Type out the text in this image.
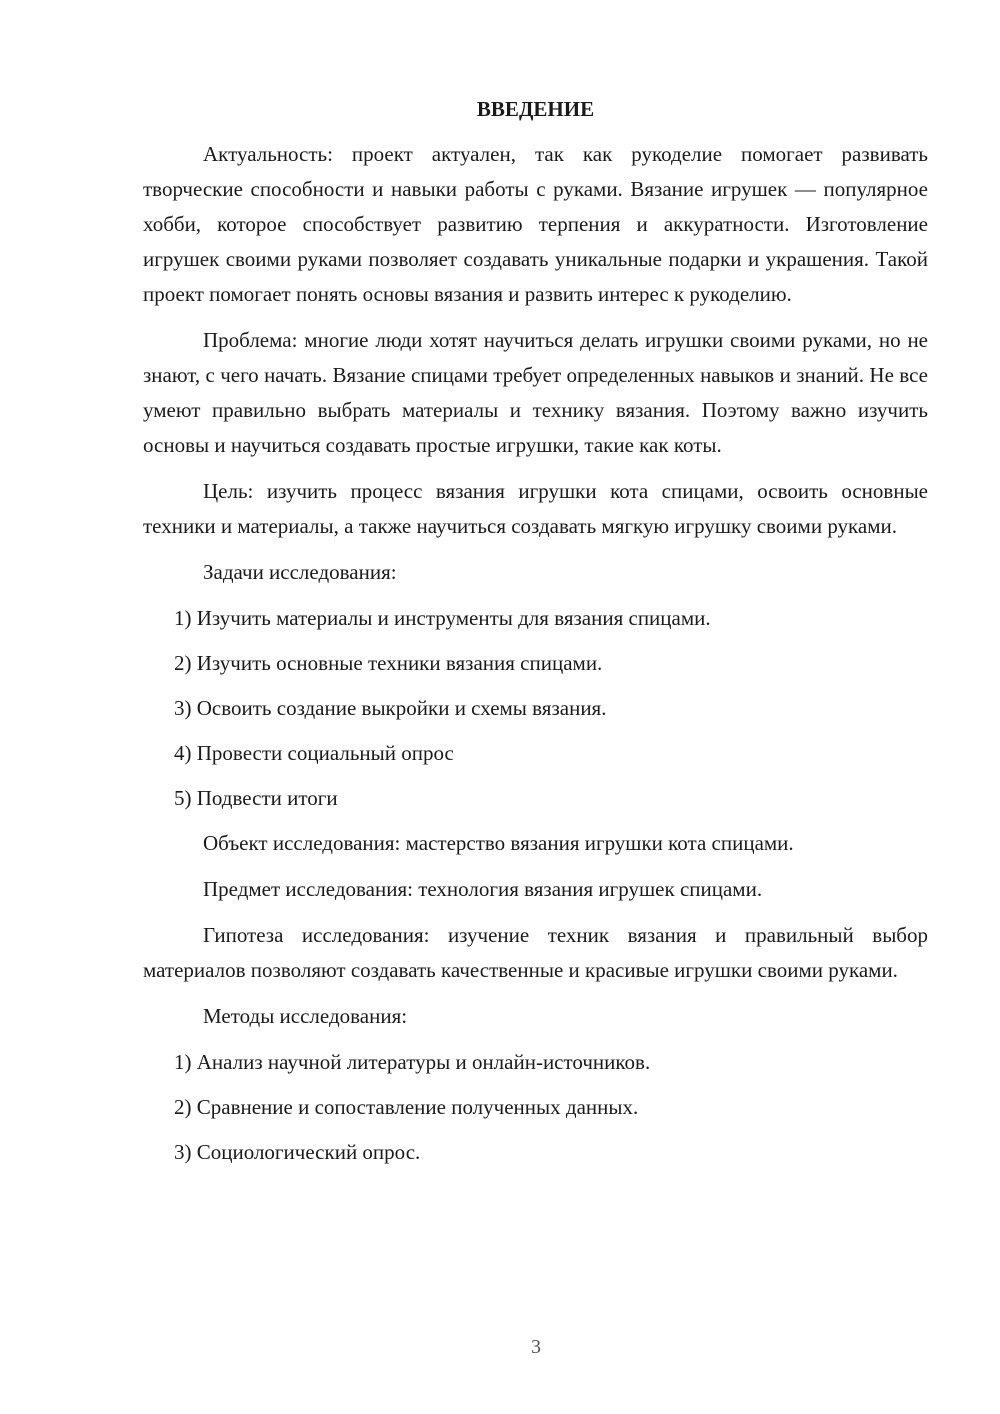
ВВЕДЕНИЕ

Актуальность: проект актуален, так как рукоделие помогает развивать творческие способности и навыки работы с руками. Вязание игрушек — популярное хобби, которое способствует развитию терпения и аккуратности. Изготовление игрушек своими руками позволяет создавать уникальные подарки и украшения. Такой проект помогает понять основы вязания и развить интерес к рукоделию.

Проблема: многие люди хотят научиться делать игрушки своими руками, но не знают, с чего начать. Вязание спицами требует определенных навыков и знаний. Не все умеют правильно выбрать материалы и технику вязания. Поэтому важно изучить основы и научиться создавать простые игрушки, такие как коты.

Цель: изучить процесс вязания игрушки кота спицами, освоить основные техники и материалы, а также научиться создавать мягкую игрушку своими руками.

Задачи исследования:
1) Изучить материалы и инструменты для вязания спицами.
2) Изучить основные техники вязания спицами.
3) Освоить создание выкройки и схемы вязания.
4) Провести социальный опрос
5) Подвести итоги
Объект исследования: мастерство вязания игрушки кота спицами.
Предмет исследования: технология вязания игрушек спицами.

Гипотеза исследования: изучение техник вязания и правильный выбор материалов позволяют создавать качественные и красивые игрушки своими руками.

Методы исследования:
1) Анализ научной литературы и онлайн-источников.
2) Сравнение и сопоставление полученных данных.
3) Социологический опрос.
3
